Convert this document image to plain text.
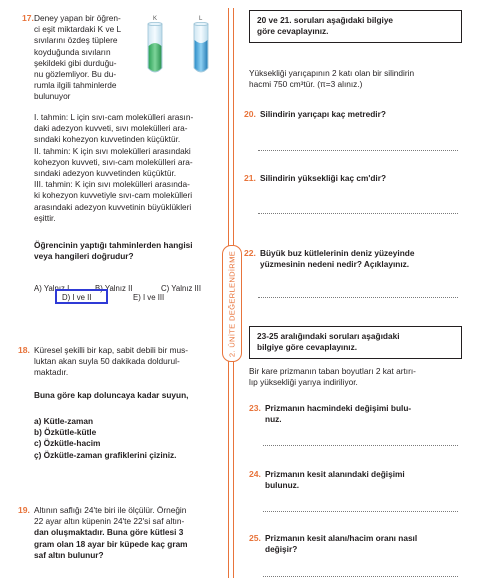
17. Deney yapan bir öğren-
ci eşit miktardaki K ve L
sıvılarını özdeş tüplere
koyduğunda sıvıların
şekildeki gibi durduğu-
nu gözlemliyor. Bu du-
rumla ilgili tahminlerde
bulunuyor
K	L
I. tahmin: L için sıvı-cam molekülleri arasın-
daki adezyon kuvveti, sıvı molekülleri ara-
sındaki kohezyon kuvvetinden küçüktür.
II. tahmin: K için sıvı molekülleri arasındaki
kohezyon kuvveti, sıvı-cam molekülleri ara-
sındaki adezyon kuvvetinden küçüktür.
III. tahmin: K için sıvı molekülleri arasında-
ki kohezyon kuvvetiyle sıvı-cam molekülleri
arasındaki adezyon kuvvetinin büyüklükleri
eşittir.
Öğrencinin yaptığı tahminlerden hangisi
veya hangileri doğrudur?
A) Yalnız I	B) Yalnız II	C) Yalnız III
D) I ve II	E) I ve III
18. Küresel şekilli bir kap, sabit debili bir mus-
luktan akan suyla 50 dakikada doldurul-
maktadır.
Buna göre kap doluncaya kadar suyun,
a) Kütle-zaman
b) Özkütle-kütle
c) Özkütle-hacim
ç) Özkütle-zaman grafiklerini çiziniz.
19. Altının saflığı 24'te biri ile ölçülür. Örneğin
22 ayar altın küpenin 24'te 22'si saf altın-
dan oluşmaktadır. Buna göre kütlesi 3
gram olan 18 ayar bir küpede kaç gram
saf altın bulunur?
2. ÜNİTE DEĞERLENDİRME
20 ve 21. soruları aşağıdaki bilgiye
göre cevaplayınız.
Yüksekliği yarıçapının 2 katı olan bir silindirin
hacmi 750 cm³tür. (π=3 alınız.)
20. Silindirin yarıçapı kaç metredir?
21. Silindirin yüksekliği kaç cm'dir?
22. Büyük buz kütlelerinin deniz yüzeyinde
yüzmesinin nedeni nedir? Açıklayınız.
23-25 aralığındaki soruları aşağıdaki
bilgiye göre cevaplayınız.
Bir kare prizmanın taban boyutları 2 kat artırı-
lıp yüksekliği yarıya indiriliyor.
23. Prizmanın hacmindeki değişimi bulu-
nuz.
24. Prizmanın kesit alanındaki değişimi
bulunuz.
25. Prizmanın kesit alanı/hacim oranı nasıl
değişir?
